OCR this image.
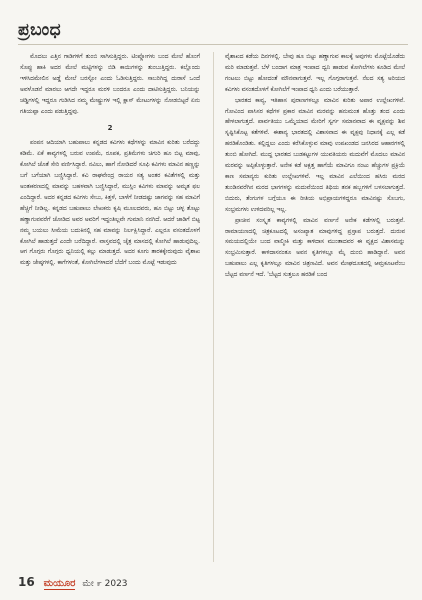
ಪ್ರಬಂಧ

ಮೊದಲು ಎತ್ತಿನ ಗಾಡಿಗಳಿಗೆ ತುಂಬಿ ಸಾಗಿಸುತ್ತಿದ್ದರು. ಟಿಂಪ್ಲೋಗಳು ಬಂದ ಮೇಲೆ ಹೊಂಗೆ ಸೊಪ್ಪು ಹಾಕಿ ಅದರ ಮೇಲೆ ಮಟ್ಟಿಗಳನ್ನು ಬಿಡಿ ಕಾಯಿಗಳನ್ನು ತುಂಬುತ್ತಿದ್ದರು. ಕಲ್ಲೊಂದು ಇಳಿಸಿದಮೇಲಿನ ಅಡ್ಡೆ ಮೇಲೆ ಬರಸ್ಟೋ ಎಂದು ಓಡಿಸುತ್ತಿದ್ದರು. ಸಾಬರಿಗಿದ್ದ ದುರಾಸೆ ಒಂದೆ ಅವಳೊಡನೆ ಮಾರಲು ಆಗದೇ ಇದ್ದರೂ ಮರಳಿ ಬಂದರೂ ಎಂದು ದಾಟಿಸುತ್ತಿದ್ದರು. ಬನಿಯನ್ನು ಚಡ್ಡಿಗಳಲ್ಲಿ ಇದ್ದರೂ ಗುಡಿಸಿದ ನಮ್ಮ ಮೇಷ್ಟ್ರುಗಳ ಇಲ್ಲಿ ಕ್ಲಾಸ್ ಮೇಟುಗಳನ್ನು ನೋಡಬಿಟ್ಟರೆ ಏನು ಗತಿಯಪ್ಪಾ ಎಂದು ಪಡುತ್ತಿದ್ದವು.

2

ಪಂಪನ ಆದಿಯಾಗಿ ಬಹುಪಾಲು ಕನ್ನಡದ ಕವಿಗಳು ಕಥೆಗಳನ್ನು ಮಾವಿನ ಕುರಿತು ಬರೆದದ್ದು ಕಡಿಮೆ. ಏಕೆ ಕಾವ್ಯಗಳಲ್ಲಿ ಬರುವ ಉಪಮೆ, ರೂಪಕ, ಪ್ರತಿಮೆಗಳು ಚಿಗುರಿ ಹೂ ಬಿಟ್ಟ ಮಾವು, ಕೋಗಿಲೆ ಜೊತೆ ಸೇರಿ ವರ್ಣಿಸಿದ್ದಾರೆ. ನವಿಲು, ಹಾಗೆ ನೋಡಿದರೆ ಸೂಫಿ ಕವಿಗಳು ಮಾವಿನ ಹಣ್ಣನ್ನು ಬಗೆ ಬಗೆಯಾಗಿ ಬಣ್ಣಿಸಿದ್ದಾರೆ. ಕವಿ ರಾಘವೇಂದ್ರ ರಾಯರ ಸತ್ಯ ಅಂತರ ಕವಿತೆಗಳಲ್ಲಿ ಮತ್ತು ಅಂತಃಕರಣದಲ್ಲಿ ಮಾವನ್ನು ಬಹಳವಾಗಿ ಬಣ್ಣಿಸಿದ್ದಾರೆ, ಮುಸ್ಲಿಂ ಕವಿಗಳು ಮಾವನ್ನು ಅಮೃತ ಫಲ ಎಂದಿದ್ದಾರೆ. ಅದರ ಕನ್ನಡದ ಕವಿಗಳು ಸೇಬು, ಕಿತ್ತಳೆ, ಬಾಳೆಗೆ ನೀಡದಷ್ಟು ಜಾಗವನ್ನು ಸಹ ಮಾವಿಗೆ ಹೆಚ್ಚಿಗೆ ನೀಡಿಲ್ಲ. ಕನ್ನಡದ ಬಹುಪಾಲು ಲೇಖಕರು ಕೃಷಿ ಮೂಲದವರು, ಹೂ ಬಿಟ್ಟು ಚಳ್ಳ ತೊಟ್ಟು ಹಣ್ಣಾಗುವವರೆಗೆ ಜೋಡಿದ ಅವರ ಅವರಿಗೆ ಇದ್ದಂತಿಲ್ಲವೇ ಗುಮಾನಿ ನನಗಿದೆ. ಆದರೆ ಜಾಡಿಗೆ ಬಿಟ್ಟ ನಮ್ಮ ಬಯಲು ಸೀಮೆಯ ಬದುಕಿನಲ್ಲಿ ಸಹ ಮಾವನ್ನು ನಿರ್ಲಕ್ಷಿಸಿದ್ದಾರೆ. ಎಲ್ಲರೂ ವಸಂತದೊಳಗೆ ಕೋಗಿಲೆ ಹಾಡುತ್ತದೆ ಎಂದೇ ಬರೆದಿದ್ದಾರೆ. ವಾಸ್ತವದಲ್ಲಿ ಚೈತ್ರ ಮಾಸದಲ್ಲಿ ಕೋಗಿಲೆ ಹಾಡುವುದಿಲ್ಲ. ಆಗ ಗೊಗ್ಗರು ಗೊಗ್ಗರು ಧ್ವನಿಯಲ್ಲಿ ಕಲ್ಲು ಮಾಡುತ್ತದೆ. ಅದರ ಕೂಗು ತಾರಕಕ್ಕೇರುವುದು ವೈಶಾಖ ಮತ್ತು ಜೇಷ್ಠಗಳಲ್ಲಿ. ಕಾಗೆಗಳಂತೆ, ಕೋಗಿಲೆಗಳಾದರೆ ಬೆದೆಗೆ ಬಂದು ಮೊಟ್ಟೆ ಇಡುವುದು

ವೈಶಾಖದ ಕಡೆಯ ದಿನಗಳಲ್ಲಿ. ಬೇವು ಹೂ ಬಿಟ್ಟು ಹಣ್ಣಾಗುವ ಕಾಲಕ್ಕೆ ಅವುಗಳು ಮೊಟ್ಟೆಯೊಡೆದು ಮರಿ ಮಾಡುತ್ತವೆ. ಬೆಳೆ ಬಂದಾಗ ಮಾತ್ರ ಇಂಪಾದ ದ್ವನಿ ಹಾಡುವ ಕೋಗಿಲೆಗಳು ಕೂಡಿದ ಮೇಲೆ ಗಂಟಲು ಬಿಟ್ಟು ಹೋದಂತೆ ಮೌನವಾಗುತ್ತವೆ. ಇಲ್ಲ ಗೊಗ್ಗರಾಗುತ್ತವೆ. ನೆಲದ ಸತ್ಯ ಅರಿಯದ ಕವಿಗಳು ವಸಂತದೊಳಗೆ ಕೋಗಿಲೆಗೆ ಇಂಪಾದ ಧ್ವನಿ ಎಂದು ಬರೆಯುತ್ತಾರೆ.

ಭಾರತದ ಕಾವ್ಯ, ಇತಿಹಾಸ ಪುರಾಣಗಳಲ್ಲೂ ಮಾವಿನ ಕುರಿತು ಅಪಾರ ಉಲ್ಲೇಖಗಳಿವೆ. ಗೋವಿಂದ ಪಾಸಿಸರ ಕಥೆಗಳ ಪ್ರಕಾರ ಮಾವಿನ ಮರವನ್ನು ಹನುಮಂತ ಹೊತ್ತು ತಂದ ಎಂದು ಹೇಳಲಾಗುತ್ತದೆ. ಪಾರ್ವತಿಯು ಒಮ್ಮೆಯಾದ ಮೇರಿಗೆ ಸ್ವರ್ಗ ಸಮಾನವಾದ ಈ ವೃಕ್ಷವನ್ನು ಶಿವ ಸೃಷ್ಟಿಸಿಕೊಟ್ಟ ಕತೆಗಳಿವೆ. ಈಶಾನ್ಯ ಭಾರತದಲ್ಲಿ ವಿಶಾಸವಾದ ಈ ವೃಕ್ಷವು ನಿಧಾನಕ್ಕೆ ಎಲ್ಲ ಕಡೆ ಹರಡಿಕೊಂಡಿತು. ಕಲ್ಲಿದ್ದಲು ಎಂದು ಕರೆಸಿಕೊಳ್ಳುವ ಮಾವು ಉಪಖಂಡದ ಜನಸಿರದ ಆಹಾರಗಳಲ್ಲಿ ತುಂಬಿ ಹೋಗಿದೆ. ಮುದ್ದ ಭಾರತದ ಬುಡಕಟ್ಟುಗಳ ಯುವತಿಯರು ಮದುವೆಗೆ ಮೊದಲು ಮಾವಿನ ಮರವನ್ನು ಅಪ್ಪಿಕೊಳ್ಳುತ್ತಾರೆ. ಅನೇಕ ಕಡೆ ಅಕ್ಷತ್ತ ಹಾಗೆಯೆ ಮಾವಿಗೂ ನಂಟು ಹೆಚ್ಚುಗಳ ಪ್ರಕ್ರಿಯೆ ಕಾಣ ಸಮಾನ್ಯರು ಕುರಿತು ಉಲ್ಲೇಖಗಳಿವೆ. ಇಲ್ಲ ಮಾವಿನ ಎಲೆಯಿಂದ ಹಸಿರು ಮರದ ತುಂಡಿನವರೆಗಿನ ಮರದ ಭಾಗಗಳನ್ನು ಮದುವೆಯಿಂದ ತಿಥಿಯ ತನಕ ಹಬ್ಬಗಳಿಗೆ ಬಳಸಲಾಗುತ್ತದೆ. ಬಿದುರು, ತೆಂಗುಗಳ ಬಗ್ಗೆಯೂ ಈ ರೀತಿಯ ಅಭಿಪ್ರಾಯಗಳಿದ್ದರೂ ಮಾವಿನಷ್ಟು ಸೊಬಗು, ಸಂಭ್ರಮಗಳು ಉಳಿದವರಿಲ್ಲ ಇಲ್ಲ.

ಪ್ರಾಚೀನ ಸಂಸ್ಕೃತ ಕಾವ್ಯಗಳಲ್ಲಿ ಮಾವಿನ ವರ್ಣನೆ ಅನೇಕ ಕಡೆಗಳಲ್ಲಿ ಬರುತ್ತವೆ. ರಾಮಾಯಣದಲ್ಲಿ ಚಿತ್ರಕೂಟದಲ್ಲಿ ಅಸಂಖ್ಯಾತ ಮಾವುಗಳಿದ್ದ ಪ್ರಸ್ತಾಪ ಬರುತ್ತದೆ. ದುರುವ ಸಮಯದಲ್ಲಿಯೇ ಬಂದ ವಾಲ್ಮೀಕಿ ಮತ್ತು ಕಾಳಿದಾಸ ಮುಂತಾದವರ ಈ ವೃಕ್ಷದ ವಿಶಾಸಮನ್ನು ಸಂಭ್ರಮಿಸುತ್ತಾರೆ. ಕಾಳಿದಾಸನಂತೂ ಅವನ ಕೃತಿಗಳಲ್ಲೂ ಮೈ ದುಂಬಿ ಹಾಡಿದ್ದಾನೆ. ಅವನ ಬಹುಪಾಲು ಎಲ್ಲ ಕೃತಿಗಳಲ್ಲೂ ಮಾವಿನ ಚಿತ್ರಣವಿದೆ. ಅವನ ಮೇಘದೂತದಲ್ಲಿ ಆಮ್ರಕೂಟವೆಂಬ ಬೆಟ್ಟದ ವರ್ಣನೆ ಇದೆ. 'ಬೆಟ್ಟದ ಸುತ್ತಲೂ ಹರಡಿಕೆ ಬಂದ

16 ಮಯೂರ ಮೇ ೯ 2023
